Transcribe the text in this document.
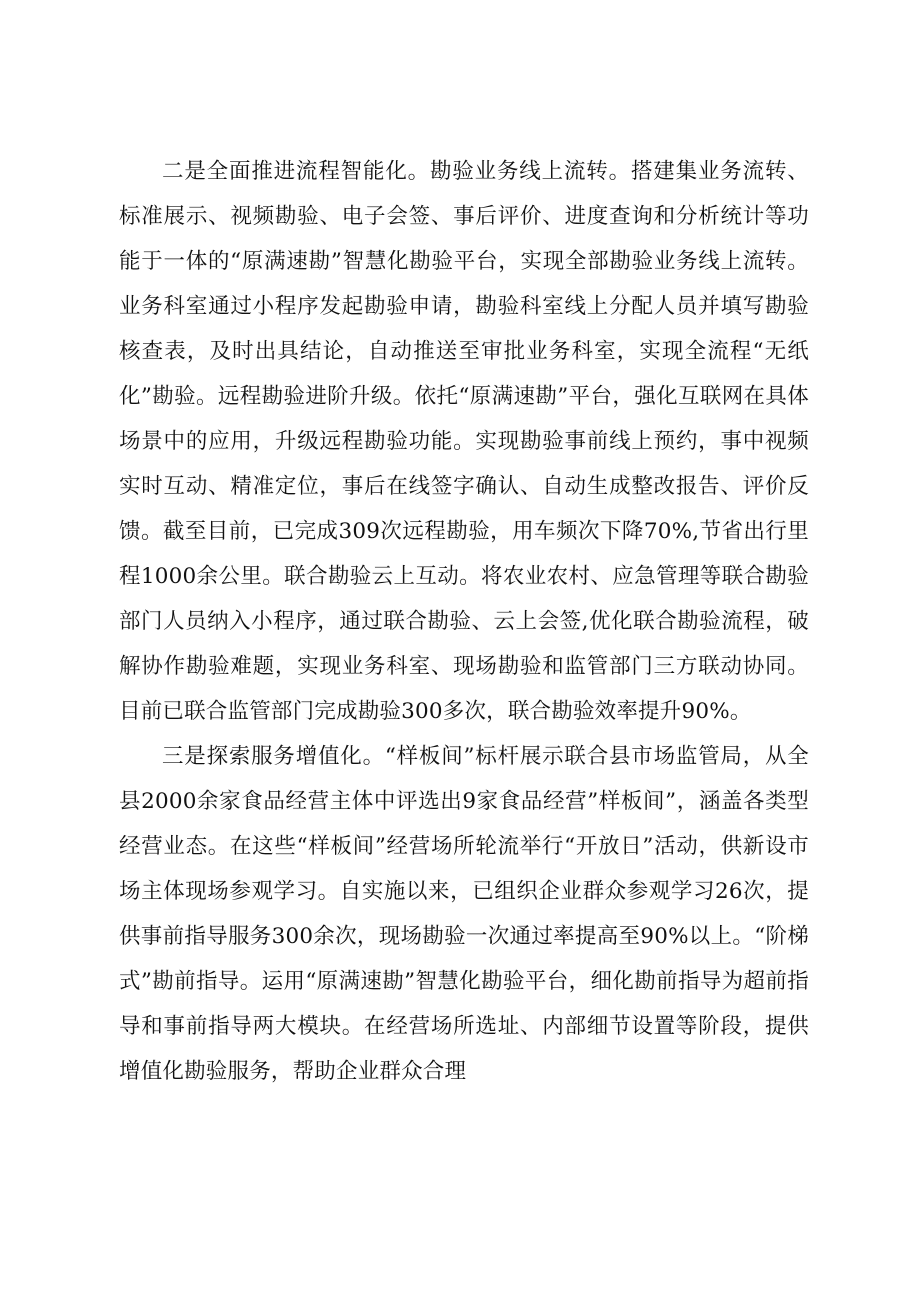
二是全面推进流程智能化。勘验业务线上流转。搭建集业务流转、标准展示、视频勘验、电子会签、事后评价、进度查询和分析统计等功能于一体的“原满速勘”智慧化勘验平台，实现全部勘验业务线上流转。业务科室通过小程序发起勘验申请，勘验科室线上分配人员并填写勘验核查表，及时出具结论，自动推送至审批业务科室，实现全流程“无纸化”勘验。远程勘验进阶升级。依托“原满速勘”平台，强化互联网在具体场景中的应用，升级远程勘验功能。实现勘验事前线上预约，事中视频实时互动、精准定位，事后在线签字确认、自动生成整改报告、评价反馈。截至目前，已完成309次远程勘验，用车频次下降70%,节省出行里程1000余公里。联合勘验云上互动。将农业农村、应急管理等联合勘验部门人员纳入小程序，通过联合勘验、云上会签,优化联合勘验流程，破解协作勘验难题，实现业务科室、现场勘验和监管部门三方联动协同。目前已联合监管部门完成勘验300多次，联合勘验效率提升90%。

三是探索服务增值化。“样板间”标杆展示联合县市场监管局，从全县2000余家食品经营主体中评选出9家食品经营”样板间”，涵盖各类型经营业态。在这些“样板间”经营场所轮流举行“开放日”活动，供新设市场主体现场参观学习。自实施以来，已组织企业群众参观学习26次，提供事前指导服务300余次，现场勘验一次通过率提高至90%以上。“阶梯式”勘前指导。运用“原满速勘”智慧化勘验平台，细化勘前指导为超前指导和事前指导两大模块。在经营场所选址、内部细节设置等阶段，提供增值化勘验服务，帮助企业群众合理
